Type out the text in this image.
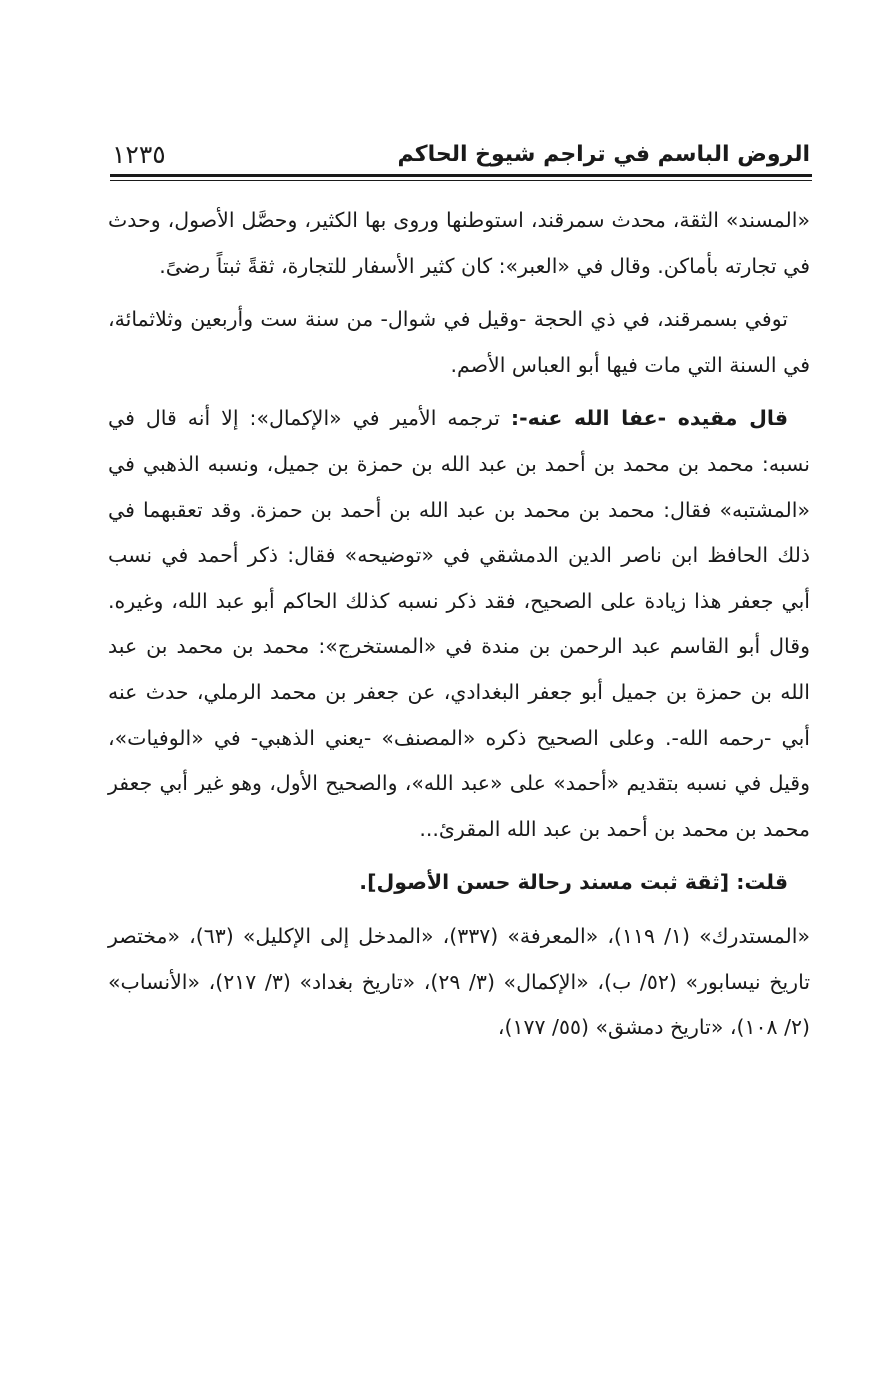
الروض الباسم في تراجم شيوخ الحاكم
١٢٣٥

«المسند» الثقة، محدث سمرقند، استوطنها وروى بها الكثير، وحصَّل الأصول، وحدث في تجارته بأماكن. وقال في «العبر»: كان كثير الأسفار للتجارة، ثقةً ثبتاً رضىً.

توفي بسمرقند، في ذي الحجة -وقيل في شوال- من سنة ست وأربعين وثلاثمائة، في السنة التي مات فيها أبو العباس الأصم.

قال مقيده -عفا الله عنه-: ترجمه الأمير في «الإكمال»: إلا أنه قال في نسبه: محمد بن محمد بن أحمد بن عبد الله بن حمزة بن جميل، ونسبه الذهبي في «المشتبه» فقال: محمد بن محمد بن عبد الله بن أحمد بن حمزة. وقد تعقبهما في ذلك الحافظ ابن ناصر الدين الدمشقي في «توضيحه» فقال: ذكر أحمد في نسب أبي جعفر هذا زيادة على الصحيح، فقد ذكر نسبه كذلك الحاكم أبو عبد الله، وغيره. وقال أبو القاسم عبد الرحمن بن مندة في «المستخرج»: محمد بن محمد بن عبد الله بن حمزة بن جميل أبو جعفر البغدادي، عن جعفر بن محمد الرملي، حدث عنه أبي -رحمه الله-. وعلى الصحيح ذكره «المصنف» -يعني الذهبي- في «الوفيات»، وقيل في نسبه بتقديم «أحمد» على «عبد الله»، والصحيح الأول، وهو غير أبي جعفر محمد بن محمد بن أحمد بن عبد الله المقرئ...

قلت: [ثقة ثبت مسند رحالة حسن الأصول].

«المستدرك» (١/ ١١٩)، «المعرفة» (٣٣٧)، «المدخل إلى الإكليل» (٦٣)، «مختصر تاريخ نيسابور» (٥٢/ ب)، «الإكمال» (٣/ ٢٩)، «تاريخ بغداد» (٣/ ٢١٧)، «الأنساب» (٢/ ١٠٨)، «تاريخ دمشق» (٥٥/ ١٧٧)،
